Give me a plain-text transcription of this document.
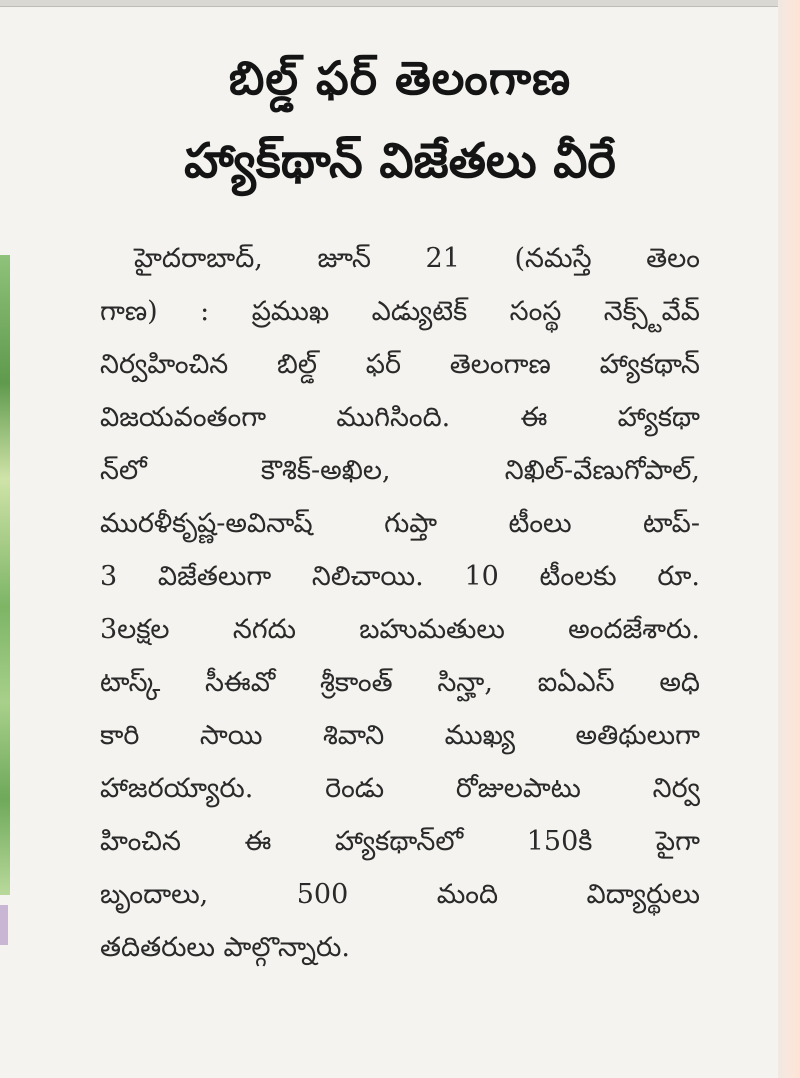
బిల్డ్ ఫర్ తెలంగాణ
హ్యాక్‌థాన్ విజేతలు వీరే
హైదరాబాద్, జూన్ 21 (నమస్తే తెలం
గాణ) : ప్రముఖ ఎడ్యుటెక్ సంస్థ నెక్స్ట్‌వేవ్
నిర్వహించిన బిల్డ్ ఫర్ తెలంగాణ హ్యాకథాన్
విజయవంతంగా ముగిసింది. ఈ హ్యాకథా
న్‌లో కౌశిక్-అఖిల, నిఖిల్-వేణుగోపాల్,
మురళీకృష్ణ-అవినాష్ గుప్తా టీంలు టాప్-
3 విజేతలుగా నిలిచాయి. 10 టీంలకు రూ.
3లక్షల నగదు బహుమతులు అందజేశారు.
టాస్క్ సీఈవో శ్రీకాంత్ సిన్హా, ఐఏఎస్ అధి
కారి సాయి శివాని ముఖ్య అతిథులుగా
హాజరయ్యారు. రెండు రోజులపాటు నిర్వ
హించిన ఈ హ్యాకథాన్‌లో 150కి పైగా
బృందాలు, 500 మంది విద్యార్థులు
తదితరులు పాల్గొన్నారు.
